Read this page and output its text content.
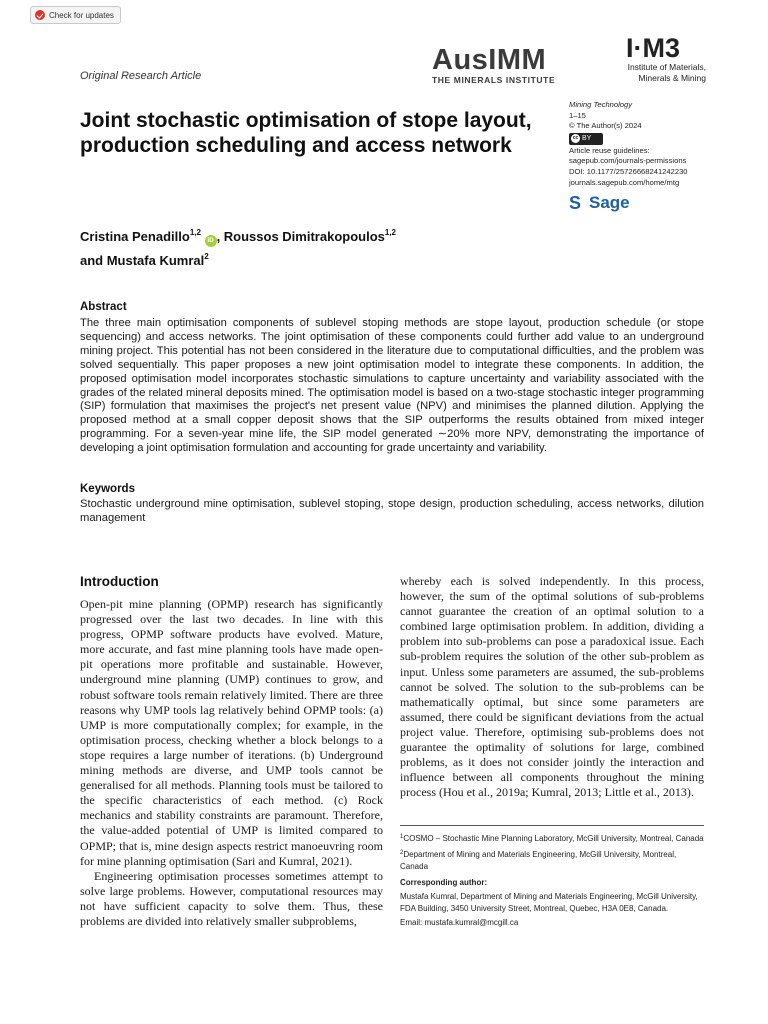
Check for updates
Original Research Article	AusIMM
THE MINERALS INSTITUTE
I·M3
Institute of Materials,
Minerals & Mining
Joint stochastic optimisation of stope layout, production scheduling and access network
Mining Technology
1–15
© The Author(s) 2024
cc BY
Article reuse guidelines:
sagepub.com/journals-permissions
DOI: 10.1177/25726668241242230
journals.sagepub.com/home/mtg
S Sage
Cristina Penadillo$^{1,2}$ iD , Roussos Dimitrakopoulos$^{1,2}$
and Mustafa Kumral$^2$
Abstract
The three main optimisation components of sublevel stoping methods are stope layout, production schedule (or stope sequencing) and access networks. The joint optimisation of these components could further add value to an underground mining project. This potential has not been considered in the literature due to computational difficulties, and the problem was solved sequentially. This paper proposes a new joint optimisation model to integrate these components. In addition, the proposed optimisation model incorporates stochastic simulations to capture uncertainty and variability associated with the grades of the related mineral deposits mined. The optimisation model is based on a two-stage stochastic integer programming (SIP) formulation that maximises the project's net present value (NPV) and minimises the planned dilution. Applying the proposed method at a small copper deposit shows that the SIP outperforms the results obtained from mixed integer programming. For a seven-year mine life, the SIP model generated ∼20% more NPV, demonstrating the importance of developing a joint optimisation formulation and accounting for grade uncertainty and variability.
Keywords
Stochastic underground mine optimisation, sublevel stoping, stope design, production scheduling, access networks, dilution management
Introduction

Open-pit mine planning (OPMP) research has significantly progressed over the last two decades. In line with this progress, OPMP software products have evolved. Mature, more accurate, and fast mine planning tools have made open-pit operations more profitable and sustainable. However, underground mine planning (UMP) continues to grow, and robust software tools remain relatively limited. There are three reasons why UMP tools lag relatively behind OPMP tools: (a) UMP is more computationally complex; for example, in the optimisation process, checking whether a block belongs to a stope requires a large number of iterations. (b) Underground mining methods are diverse, and UMP tools cannot be generalised for all methods. Planning tools must be tailored to the specific characteristics of each method. (c) Rock mechanics and stability constraints are paramount. Therefore, the value-added potential of UMP is limited compared to OPMP; that is, mine design aspects restrict manoeuvring room for mine planning optimisation (Sari and Kumral, 2021).

Engineering optimisation processes sometimes attempt to solve large problems. However, computational resources may not have sufficient capacity to solve them. Thus, these problems are divided into relatively smaller subproblems,

whereby each is solved independently. In this process, however, the sum of the optimal solutions of sub-problems cannot guarantee the creation of an optimal solution to a combined large optimisation problem. In addition, dividing a problem into sub-problems can pose a paradoxical issue. Each sub-problem requires the solution of the other sub-problem as input. Unless some parameters are assumed, the sub-problems cannot be solved. The solution to the sub-problems can be mathematically optimal, but since some parameters are assumed, there could be significant deviations from the actual project value. Therefore, optimising sub-problems does not guarantee the optimality of solutions for large, combined problems, as it does not consider jointly the interaction and influence between all components throughout the mining process (Hou et al., 2019a; Kumral, 2013; Little et al., 2013).

$^1$COSMO – Stochastic Mine Planning Laboratory, McGill University, Montreal, Canada

$^2$Department of Mining and Materials Engineering, McGill University, Montreal, Canada

Corresponding author:

Mustafa Kumral, Department of Mining and Materials Engineering, McGill University, FDA Building, 3450 University Street, Montreal, Quebec, H3A 0E8, Canada.

Email: mustafa.kumral@mcgill.ca
